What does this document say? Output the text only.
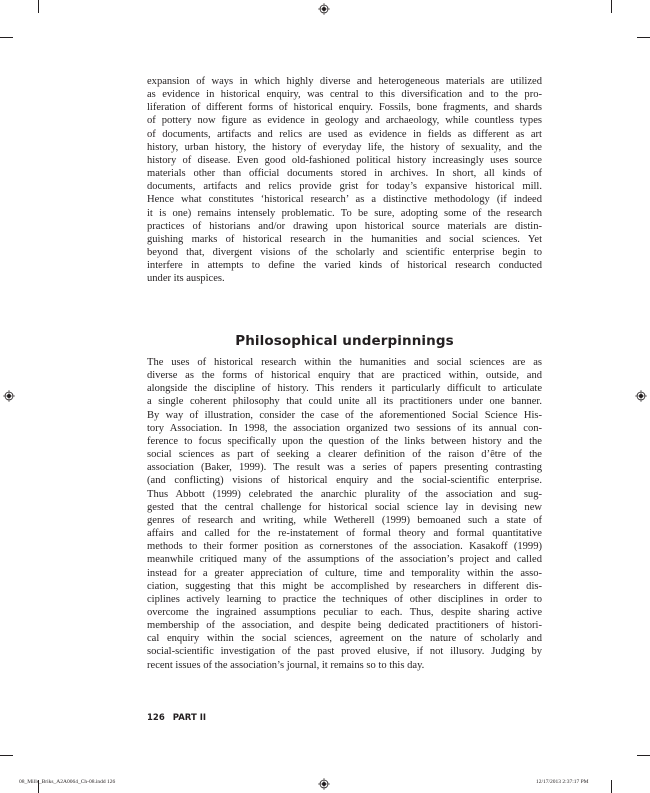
expansion of ways in which highly diverse and heterogeneous materials are utilized
as evidence in historical enquiry, was central to this diversification and to the pro-
liferation of different forms of historical enquiry. Fossils, bone fragments, and shards
of pottery now figure as evidence in geology and archaeology, while countless types
of documents, artifacts and relics are used as evidence in fields as different as art
history, urban history, the history of everyday life, the history of sexuality, and the
history of disease. Even good old-fashioned political history increasingly uses source
materials other than official documents stored in archives. In short, all kinds of
documents, artifacts and relics provide grist for today’s expansive historical mill.
Hence what constitutes ‘historical research’ as a distinctive methodology (if indeed
it is one) remains intensely problematic. To be sure, adopting some of the research
practices of historians and/or drawing upon historical source materials are distin-
guishing marks of historical research in the humanities and social sciences. Yet
beyond that, divergent visions of the scholarly and scientific enterprise begin to
interfere in attempts to define the varied kinds of historical research conducted
under its auspices.
Philosophical underpinnings
The uses of historical research within the humanities and social sciences are as
diverse as the forms of historical enquiry that are practiced within, outside, and
alongside the discipline of history. This renders it particularly difficult to articulate
a single coherent philosophy that could unite all its practitioners under one banner.
By way of illustration, consider the case of the aforementioned Social Science His-
tory Association. In 1998, the association organized two sessions of its annual con-
ference to focus specifically upon the question of the links between history and the
social sciences as part of seeking a clearer definition of the raison d’être of the
association (Baker, 1999). The result was a series of papers presenting contrasting
(and conflicting) visions of historical enquiry and the social-scientific enterprise.
Thus Abbott (1999) celebrated the anarchic plurality of the association and sug-
gested that the central challenge for historical social science lay in devising new
genres of research and writing, while Wetherell (1999) bemoaned such a state of
affairs and called for the re-instatement of formal theory and formal quantitative
methods to their former position as cornerstones of the association. Kasakoff (1999)
meanwhile critiqued many of the assumptions of the association’s project and called
instead for a greater appreciation of culture, time and temporality within the asso-
ciation, suggesting that this might be accomplished by researchers in different dis-
ciplines actively learning to practice the techniques of other disciplines in order to
overcome the ingrained assumptions peculiar to each. Thus, despite sharing active
membership of the association, and despite being dedicated practitioners of histori-
cal enquiry within the social sciences, agreement on the nature of scholarly and
social-scientific investigation of the past proved elusive, if not illusory. Judging by
recent issues of the association’s journal, it remains so to this day.
126 PART II
08_Mills_Briks_A2A0064_Ch-08.indd 126	12/17/2013 2:37:17 PM
